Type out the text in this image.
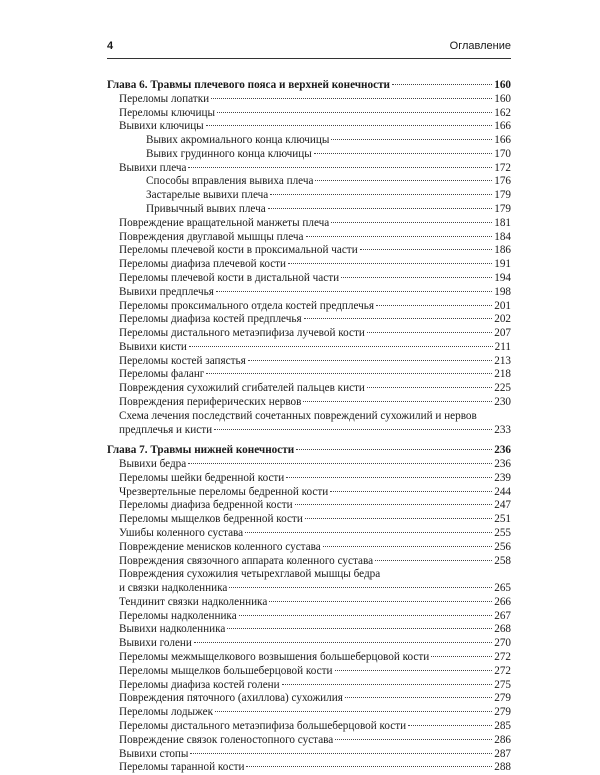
4	Оглавление
Глава 6. Травмы плечевого пояса и верхней конечности	160
Переломы лопатки	160
Переломы ключицы	162
Вывихи ключицы	166
Вывих акромиального конца ключицы	166
Вывих грудинного конца ключицы	170
Вывихи плеча	172
Способы вправления вывиха плеча	176
Застарелые вывихи плеча	179
Привычный вывих плеча	179
Повреждение вращательной манжеты плеча	181
Повреждения двуглавой мышцы плеча	184
Переломы плечевой кости в проксимальной части	186
Переломы диафиза плечевой кости	191
Переломы плечевой кости в дистальной части	194
Вывихи предплечья	198
Переломы проксимального отдела костей предплечья	201
Переломы диафиза костей предплечья	202
Переломы дистального метаэпифиза лучевой кости	207
Вывихи кисти	211
Переломы костей запястья	213
Переломы фаланг	218
Повреждения сухожилий сгибателей пальцев кисти	225
Повреждения периферических нервов	230
Схема лечения последствий сочетанных повреждений сухожилий и нервов
предплечья и кисти	233
Глава 7. Травмы нижней конечности	236
Вывихи бедра	236
Переломы шейки бедренной кости	239
Чрезвертельные переломы бедренной кости	244
Переломы диафиза бедренной кости	247
Переломы мыщелков бедренной кости	251
Ушибы коленного сустава	255
Повреждение менисков коленного сустава	256
Повреждения связочного аппарата коленного сустава	258
Повреждения сухожилия четырехглавой мышцы бедра
и связки надколенника	265
Тендинит связки надколенника	266
Переломы надколенника	267
Вывихи надколенника	268
Вывихи голени	270
Переломы межмыщелкового возвышения большеберцовой кости	272
Переломы мыщелков большеберцовой кости	272
Переломы диафиза костей голени	275
Повреждения пяточного (ахиллова) сухожилия	279
Переломы лодыжек	279
Переломы дистального метаэпифиза большеберцовой кости	285
Повреждение связок голеностопного сустава	286
Вывихи стопы	287
Переломы таранной кости	288
